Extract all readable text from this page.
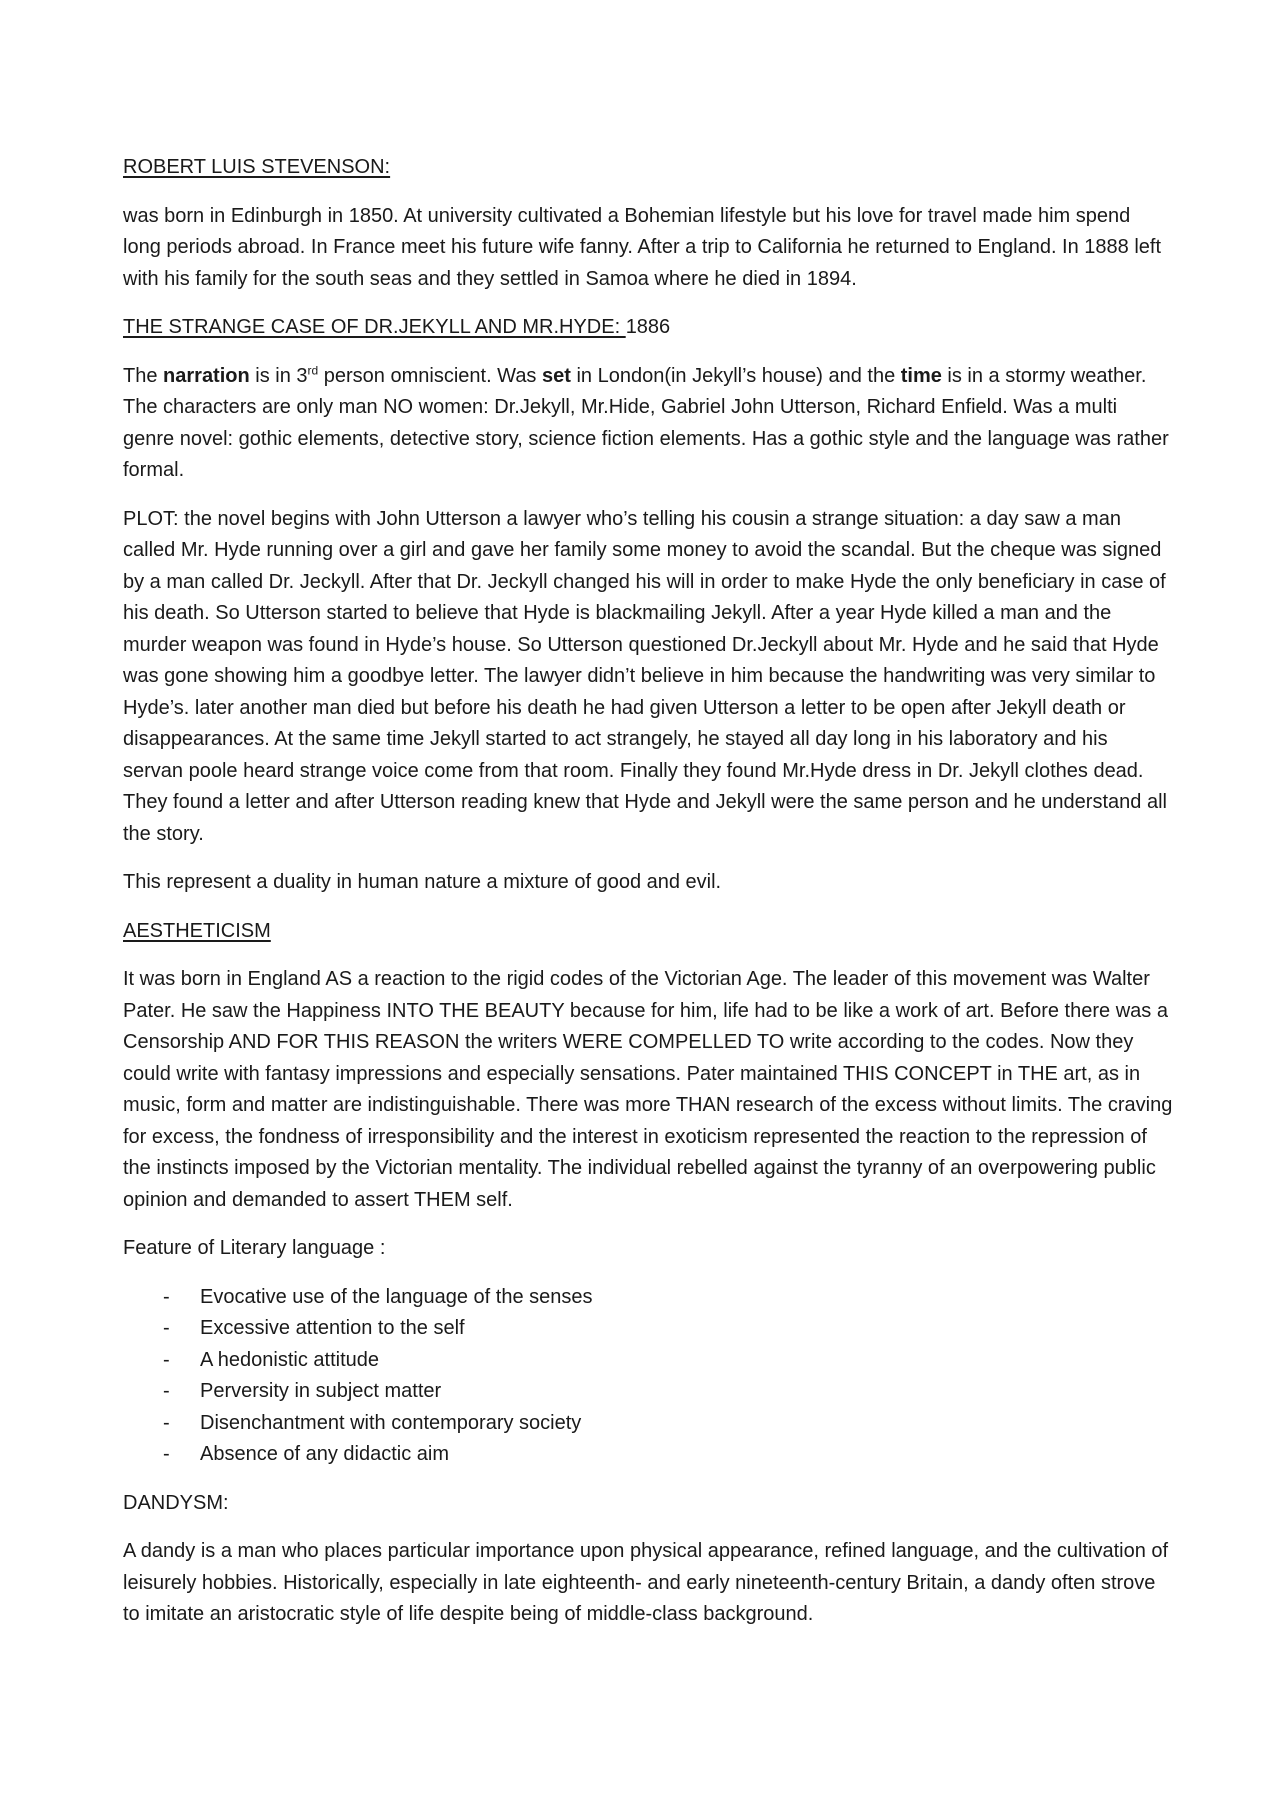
ROBERT LUIS STEVENSON:

was born in Edinburgh in 1850. At university cultivated a Bohemian lifestyle but his love for travel made him spend long periods abroad. In France meet his future wife fanny. After a trip to California he returned to England. In 1888 left with his family for the south seas and they settled in Samoa where he died in 1894.

THE STRANGE CASE OF DR.JEKYLL AND MR.HYDE: 1886

The narration is in 3rd person omniscient. Was set in London(in Jekyll’s house) and the time is in a stormy weather. The characters are only man NO women: Dr.Jekyll, Mr.Hide, Gabriel John Utterson, Richard Enfield. Was a multi genre novel: gothic elements, detective story, science fiction elements. Has a gothic style and the language was rather formal.

PLOT: the novel begins with John Utterson a lawyer who’s telling his cousin a strange situation: a day saw a man called Mr. Hyde running over a girl and gave her family some money to avoid the scandal. But the cheque was signed by a man called Dr. Jeckyll. After that Dr. Jeckyll changed his will in order to make Hyde the only beneficiary in case of his death. So Utterson started to believe that Hyde is blackmailing Jekyll. After a year Hyde killed a man and the murder weapon was found in Hyde’s house. So Utterson questioned Dr.Jeckyll about Mr. Hyde and he said that Hyde was gone showing him a goodbye letter. The lawyer didn’t believe in him because the handwriting was very similar to Hyde’s. later another man died but before his death he had given Utterson a letter to be open after Jekyll death or disappearances. At the same time Jekyll started to act strangely, he stayed all day long in his laboratory and his servan poole heard strange voice come from that room. Finally they found Mr.Hyde dress in Dr. Jekyll clothes dead. They found a letter and after Utterson reading knew that Hyde and Jekyll were the same person and he understand all the story.

This represent a duality in human nature a mixture of good and evil.

AESTHETICISM

It was born in England AS a reaction to the rigid codes of the Victorian Age. The leader of this movement was Walter Pater. He saw the Happiness INTO THE BEAUTY because for him, life had to be like a work of art. Before there was a Censorship AND FOR THIS REASON the writers WERE COMPELLED TO write according to the codes. Now they could write with fantasy impressions and especially sensations. Pater maintained THIS CONCEPT in THE art, as in music, form and matter are indistinguishable. There was more THAN research of the excess without limits. The craving for excess, the fondness of irresponsibility and the interest in exoticism represented the reaction to the repression of the instincts imposed by the Victorian mentality. The individual rebelled against the tyranny of an overpowering public opinion and demanded to assert THEM self.

Feature of Literary language :

- Evocative use of the language of the senses
- Excessive attention to the self
- A hedonistic attitude
- Perversity in subject matter
- Disenchantment with contemporary society
- Absence of any didactic aim

DANDYSM:

A dandy is a man who places particular importance upon physical appearance, refined language, and the cultivation of leisurely hobbies. Historically, especially in late eighteenth- and early nineteenth-century Britain, a dandy often strove to imitate an aristocratic style of life despite being of middle-class background.
